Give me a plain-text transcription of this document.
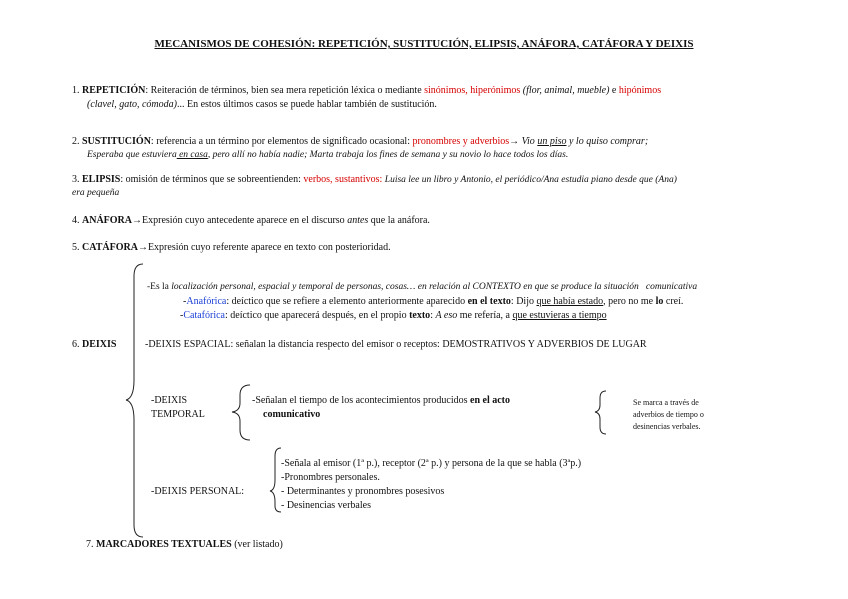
MECANISMOS DE COHESIÓN: REPETICIÓN, SUSTITUCIÓN, ELIPSIS, ANÁFORA, CATÁFORA Y DEIXIS
1. REPETICIÓN: Reiteración de términos, bien sea mera repetición léxica o mediante sinónimos, hiperónimos (flor, animal, mueble) e hipónimos
(clavel, gato, cómoda)... En estos últimos casos se puede hablar también de sustitución.
2. SUSTITUCIÓN: referencia a un término por elementos de significado ocasional: pronombres y adverbios→ Vio un piso y lo quiso comprar;
Esperaba que estuviera en casa, pero allí no había nadie; Marta trabaja los fines de semana y su novio lo hace todos los días.
3. ELIPSIS: omisión de términos que se sobreentienden: verbos, sustantivos: Luisa lee un libro y Antonio, el periódico/Ana estudia piano desde que (Ana)
era pequeña
4. ANÁFORA→Expresión cuyo antecedente aparece en el discurso antes que la anáfora.
5. CATÁFORA→Expresión cuyo referente aparece en texto con posterioridad.
6. DEIXIS
-Es la localización personal, espacial y temporal de personas, cosas… en relación al CONTEXTO en que se produce la situación comunicativa
-Anafórica: deíctico que se refiere a elemento anteriormente aparecido en el texto: Dijo que había estado, pero no me lo creí.
-Catafórica: deíctico que aparecerá después, en el propio texto: A eso me refería, a que estuvieras a tiempo
-DEIXIS ESPACIAL: señalan la distancia respecto del emisor o receptos: DEMOSTRATIVOS Y ADVERBIOS DE LUGAR
-DEIXIS
TEMPORAL
-Señalan el tiempo de los acontecimientos producidos en el acto
comunicativo
Se marca a través de
adverbios de tiempo o
desinencias verbales.
-DEIXIS PERSONAL:
-Señala al emisor (1ª p.), receptor (2ª p.) y persona de la que se habla (3ªp.)
-Pronombres personales.
- Determinantes y pronombres posesivos
- Desinencias verbales
7. MARCADORES TEXTUALES (ver listado)
